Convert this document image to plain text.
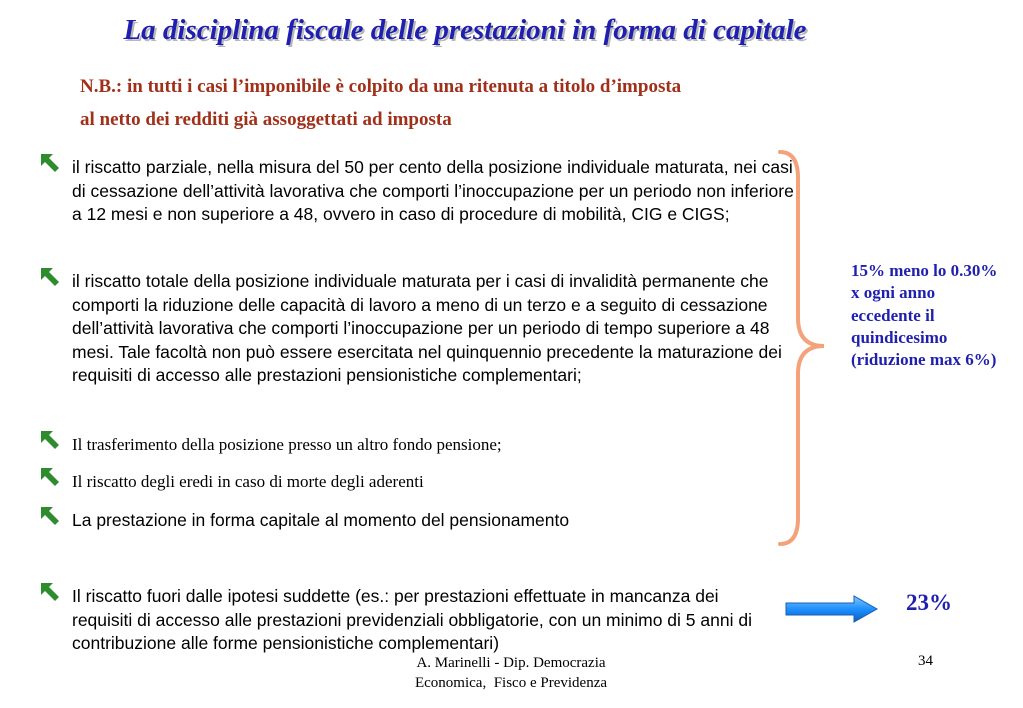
La disciplina fiscale delle prestazioni in forma di capitale
N.B.: in tutti i casi l’imponibile è colpito da una ritenuta a titolo d’imposta
al netto dei redditi già assoggettati ad imposta
il riscatto parziale, nella misura del 50 per cento della posizione individuale maturata, nei casi di cessazione dell’attività lavorativa che comporti l’inoccupazione per un periodo non inferiore a 12 mesi e non superiore a 48, ovvero in caso di procedure di mobilità, CIG e CIGS;
il riscatto totale della posizione individuale maturata per i casi di invalidità permanente che comporti la riduzione delle capacità di lavoro a meno di un terzo e a seguito di cessazione dell’attività lavorativa che comporti l’inoccupazione per un periodo di tempo superiore a 48 mesi. Tale facoltà non può essere esercitata nel quinquennio precedente la maturazione dei requisiti di accesso alle prestazioni pensionistiche complementari;
Il trasferimento della posizione presso un altro fondo pensione;
Il riscatto degli eredi in caso di morte degli aderenti
La prestazione in forma capitale al momento del pensionamento
Il riscatto fuori dalle ipotesi suddette (es.: per prestazioni effettuate in mancanza dei requisiti di accesso alle prestazioni previdenziali obbligatorie, con un minimo di 5 anni di contribuzione alle forme pensionistiche complementari)
15% meno lo 0.30% x ogni anno eccedente il quindicesimo (riduzione max 6%)
23%
A. Marinelli - Dip. Democrazia
Economica,  Fisco e Previdenza
34
